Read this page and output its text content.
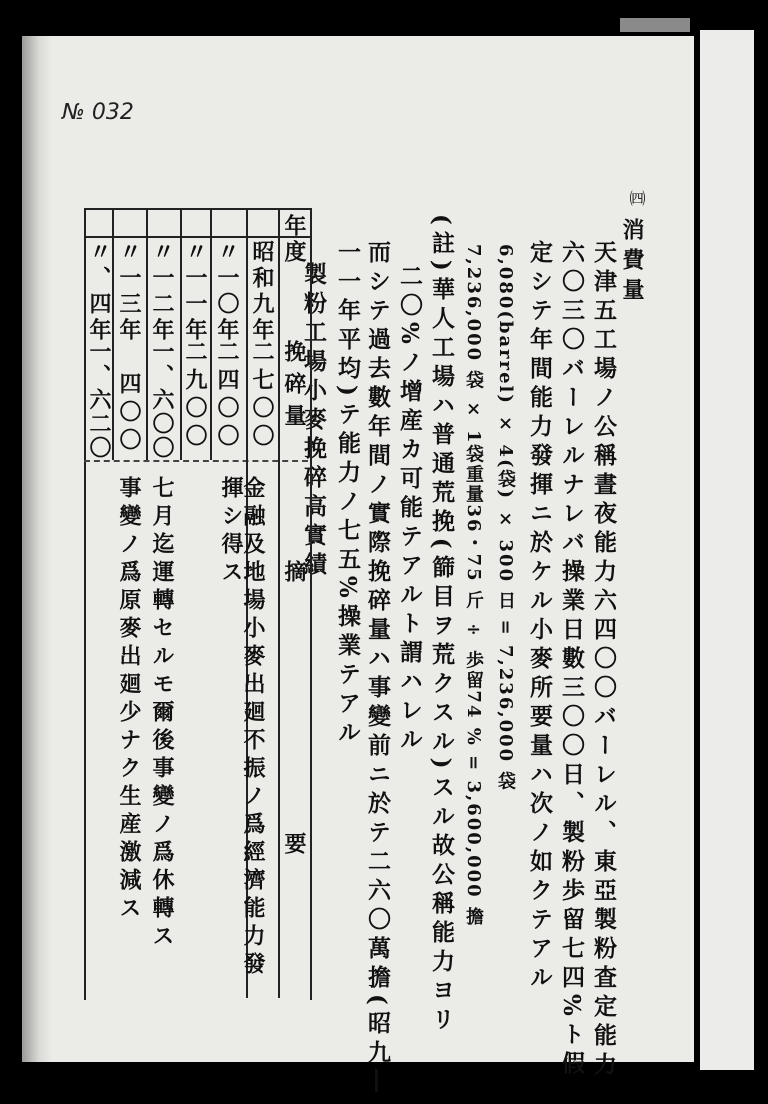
№ 032
㈣
消費量
天津五工場ノ公稱晝夜能力六四〇〇バーレル、東亞製粉査定能力
六〇三〇バーレルナレバ操業日數三〇〇日、製粉歩留七四%ト假
定シテ年間能力發揮ニ於ケル小麥所要量ハ次ノ如クテアル
6,080(barrel) × 4(袋) × 300 日 = 7,236,000 袋
7,236,000 袋 × 1袋重量36・75 斤 ÷ 歩留74 % = 3,600,000 擔
(註)華人工場ハ普通荒挽(篩目ヲ荒クスル)スル故公稱能力ヨリ
二〇%ノ增産カ可能テアルト謂ハレル
而シテ過去數年間ノ實際挽碎量ハ事變前ニ於テ二六〇萬擔(昭九―
一一年平均)テ能力ノ七五%操業テアル
製粉工場小麥挽碎高實績
年度
挽碎量
摘要
昭和九年
二七〇〇
金融及地場小麥出廻不振ノ爲經濟能力發揮シ得ス
〃一〇年
二四〇〇
〃一一年
二九〇〇
〃一二年
一、六〇〇
七月迄運轉セルモ爾後事變ノ爲休轉ス
〃一三年
四〇〇
事變ノ爲原麥出廻少ナク生産激減ス
〃、四年
一、六二〇
